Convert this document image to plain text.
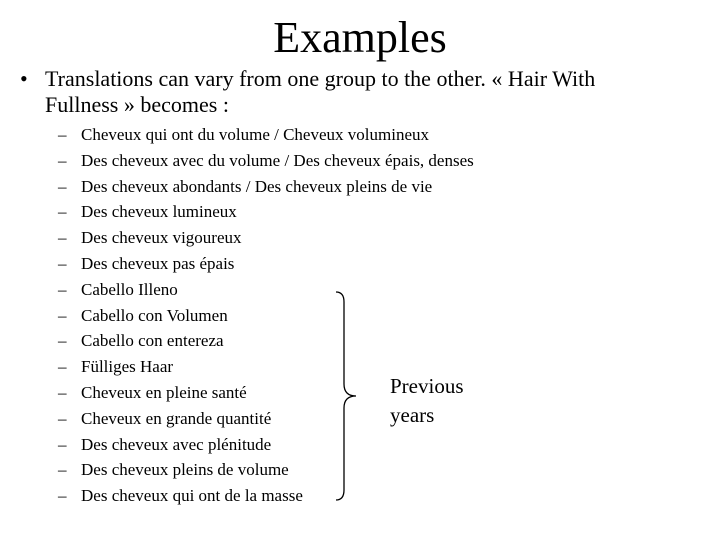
Examples
• Translations can vary from one group to the other. « Hair With Fullness » becomes :
– Cheveux qui ont du volume / Cheveux volumineux
– Des cheveux avec du volume / Des cheveux épais, denses
– Des cheveux abondants / Des cheveux pleins de vie
– Des cheveux lumineux
– Des cheveux vigoureux
– Des cheveux pas épais
– Cabello Illeno
– Cabello con Volumen
– Cabello con entereza
– Fülliges Haar
– Cheveux en pleine santé
– Cheveux en grande quantité
– Des cheveux avec plénitude
– Des cheveux pleins de volume
– Des cheveux qui ont de la masse
Previous
years
